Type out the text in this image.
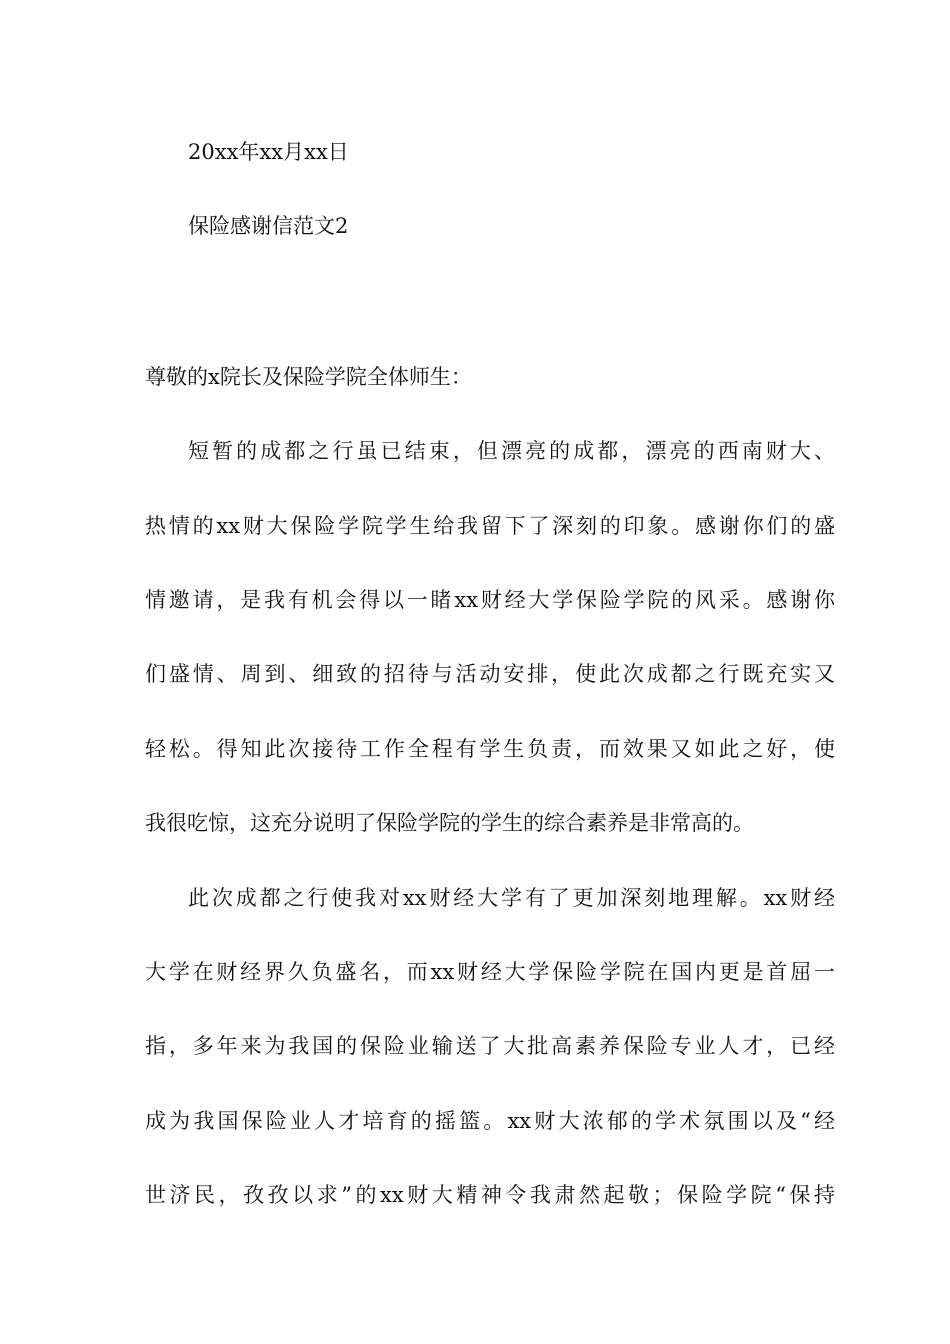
20xx年xx月xx日
保险感谢信范文2
尊敬的x院长及保险学院全体师生：
短暂的成都之行虽已结束，但漂亮的成都，漂亮的西南财大、
热情的xx财大保险学院学生给我留下了深刻的印象。感谢你们的盛
情邀请，是我有机会得以一睹xx财经大学保险学院的风采。感谢你
们盛情、周到、细致的招待与活动安排，使此次成都之行既充实又
轻松。得知此次接待工作全程有学生负责，而效果又如此之好，使
我很吃惊，这充分说明了保险学院的学生的综合素养是非常高的。
此次成都之行使我对xx财经大学有了更加深刻地理解。xx财经
大学在财经界久负盛名，而xx财经大学保险学院在国内更是首屈一
指，多年来为我国的保险业输送了大批高素养保险专业人才，已经
成为我国保险业人才培育的摇篮。xx财大浓郁的学术氛围以及“经
世济民，孜孜以求”的xx财大精神令我肃然起敬；保险学院“保持
